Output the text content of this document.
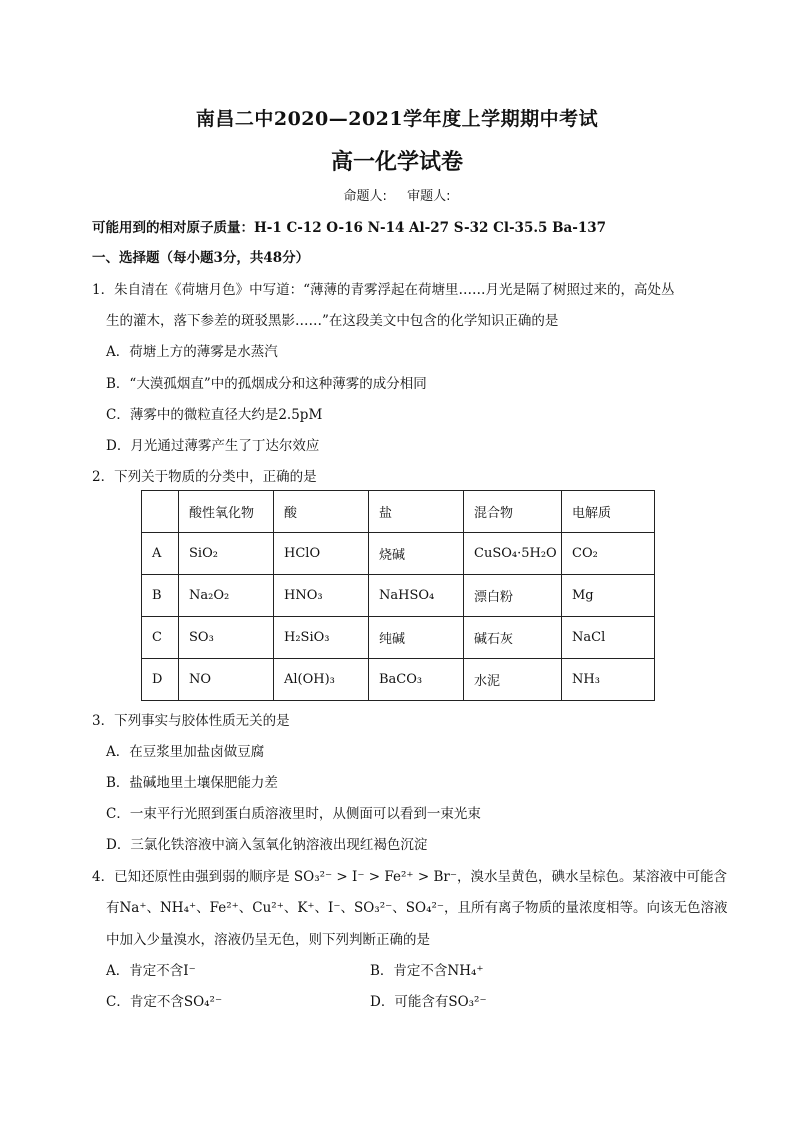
南昌二中2020—2021学年度上学期期中考试
高一化学试卷
命题人: 审题人:
可能用到的相对原子质量：H-1 C-12 O-16 N-14 Al-27 S-32 Cl-35.5 Ba-137
一、选择题（每小题3分，共48分）
1．朱自清在《荷塘月色》中写道：“薄薄的青雾浮起在荷塘里……月光是隔了树照过来的，高处丛
生的灌木，落下参差的斑驳黑影……”在这段美文中包含的化学知识正确的是
A．荷塘上方的薄雾是水蒸汽
B．“大漠孤烟直”中的孤烟成分和这种薄雾的成分相同
C．薄雾中的微粒直径大约是2.5pM
D．月光通过薄雾产生了丁达尔效应
2．下列关于物质的分类中，正确的是
	酸性氧化物	酸	盐	混合物	电解质
A	SiO₂	HClO	烧碱	CuSO₄·5H₂O	CO₂
B	Na₂O₂	HNO₃	NaHSO₄	漂白粉	Mg
C	SO₃	H₂SiO₃	纯碱	碱石灰	NaCl
D	NO	Al(OH)₃	BaCO₃	水泥	NH₃
3．下列事实与胶体性质无关的是
A．在豆浆里加盐卤做豆腐
B．盐碱地里土壤保肥能力差
C．一束平行光照到蛋白质溶液里时，从侧面可以看到一束光束
D．三氯化铁溶液中滴入氢氧化钠溶液出现红褐色沉淀
4．已知还原性由强到弱的顺序是 SO₃²⁻ > I⁻ > Fe²⁺ > Br⁻，溴水呈黄色，碘水呈棕色。某溶液中可能含
有Na⁺、NH₄⁺、Fe²⁺、Cu²⁺、K⁺、I⁻、SO₃²⁻、SO₄²⁻，且所有离子物质的量浓度相等。向该无色溶液
中加入少量溴水，溶液仍呈无色，则下列判断正确的是
A．肯定不含I⁻	B．肯定不含NH₄⁺
C．肯定不含SO₄²⁻	D．可能含有SO₃²⁻
